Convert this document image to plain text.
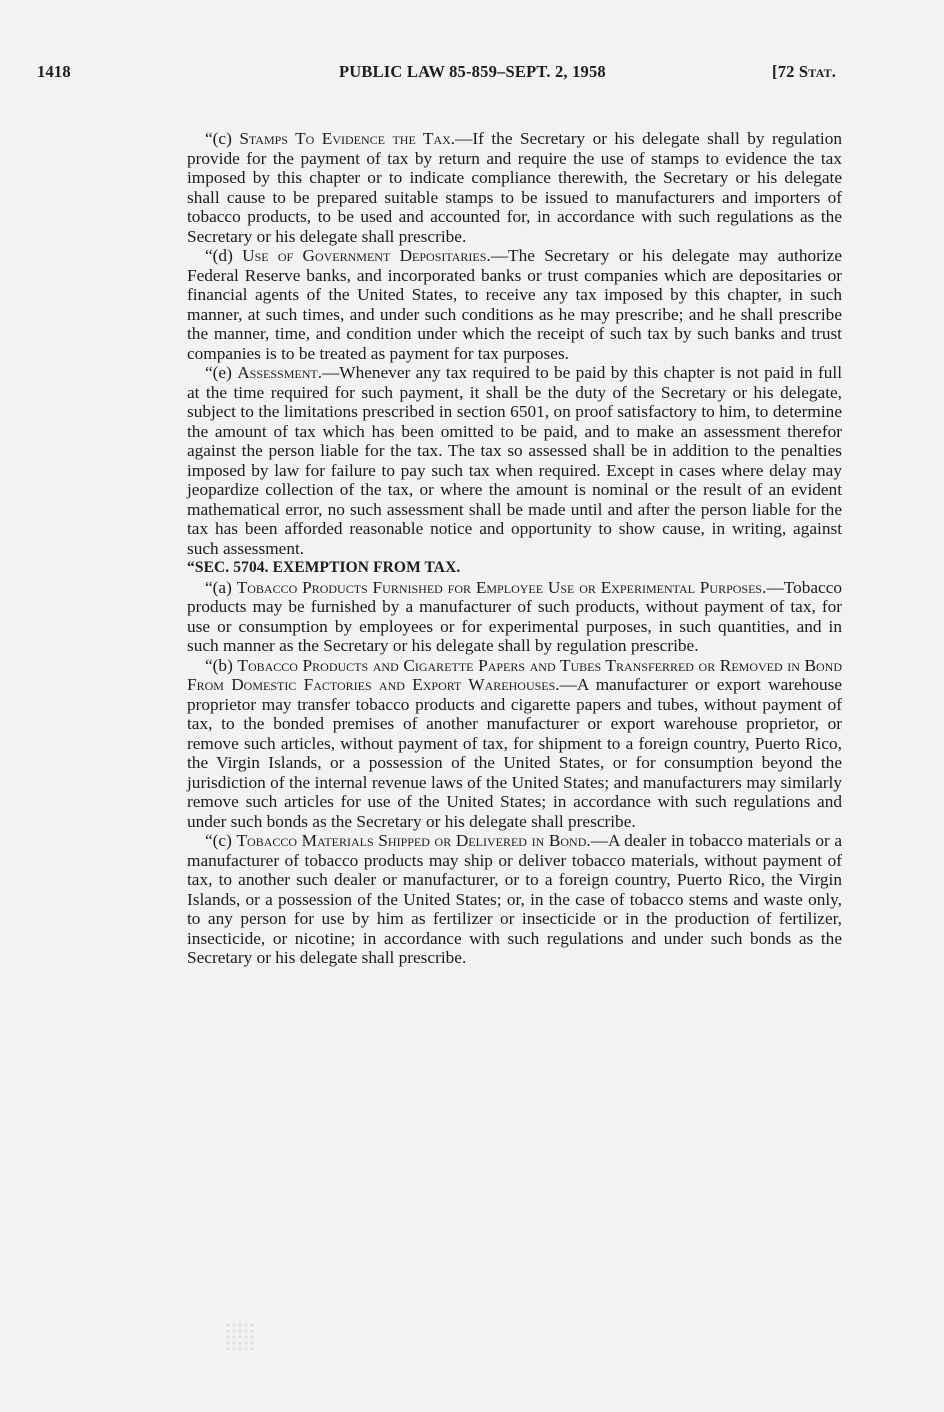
1418	PUBLIC LAW 85-859–SEPT. 2, 1958	[72 Stat.

“(c) Stamps To Evidence the Tax.—If the Secretary or his delegate shall by regulation provide for the payment of tax by return and require the use of stamps to evidence the tax imposed by this chapter or to indicate compliance therewith, the Secretary or his delegate shall cause to be prepared suitable stamps to be issued to manufacturers and importers of tobacco products, to be used and accounted for, in accordance with such regulations as the Secretary or his delegate shall prescribe.

“(d) Use of Government Depositaries.—The Secretary or his delegate may authorize Federal Reserve banks, and incorporated banks or trust companies which are depositaries or financial agents of the United States, to receive any tax imposed by this chapter, in such manner, at such times, and under such conditions as he may prescribe; and he shall prescribe the manner, time, and condition under which the receipt of such tax by such banks and trust companies is to be treated as payment for tax purposes.

“(e) Assessment.—Whenever any tax required to be paid by this chapter is not paid in full at the time required for such payment, it shall be the duty of the Secretary or his delegate, subject to the limitations prescribed in section 6501, on proof satisfactory to him, to determine the amount of tax which has been omitted to be paid, and to make an assessment therefor against the person liable for the tax. The tax so assessed shall be in addition to the penalties imposed by law for failure to pay such tax when required. Except in cases where delay may jeopardize collection of the tax, or where the amount is nominal or the result of an evident mathematical error, no such assessment shall be made until and after the person liable for the tax has been afforded reasonable notice and opportunity to show cause, in writing, against such assessment.

“SEC. 5704. EXEMPTION FROM TAX.

“(a) Tobacco Products Furnished for Employee Use or Experimental Purposes.—Tobacco products may be furnished by a manufacturer of such products, without payment of tax, for use or consumption by employees or for experimental purposes, in such quantities, and in such manner as the Secretary or his delegate shall by regulation prescribe.

“(b) Tobacco Products and Cigarette Papers and Tubes Transferred or Removed in Bond From Domestic Factories and Export Warehouses.—A manufacturer or export warehouse proprietor may transfer tobacco products and cigarette papers and tubes, without payment of tax, to the bonded premises of another manufacturer or export warehouse proprietor, or remove such articles, without payment of tax, for shipment to a foreign country, Puerto Rico, the Virgin Islands, or a possession of the United States, or for consumption beyond the jurisdiction of the internal revenue laws of the United States; and manufacturers may similarly remove such articles for use of the United States; in accordance with such regulations and under such bonds as the Secretary or his delegate shall prescribe.

“(c) Tobacco Materials Shipped or Delivered in Bond.—A dealer in tobacco materials or a manufacturer of tobacco products may ship or deliver tobacco materials, without payment of tax, to another such dealer or manufacturer, or to a foreign country, Puerto Rico, the Virgin Islands, or a possession of the United States; or, in the case of tobacco stems and waste only, to any person for use by him as fertilizer or insecticide or in the production of fertilizer, insecticide, or nicotine; in accordance with such regulations and under such bonds as the Secretary or his delegate shall prescribe.
